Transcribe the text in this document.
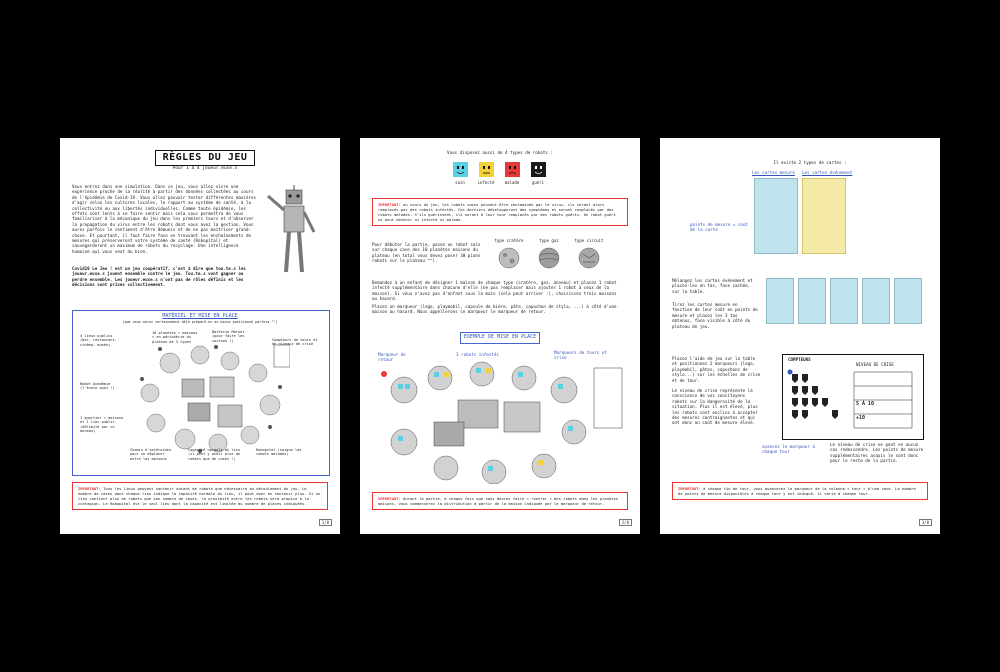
RÈGLES DU JEU
Pour 1 à 4 joueur.euse.s
Vous entrez dans une simulation. Dans ce jeu, vous allez vivre une expérience proche de la réalité à partir des données collectées au cours de l'épidémie de Covid-19. Vous allez pouvoir tester différentes manières d'agir selon les cultures locales, le rapport au système de santé, à la collectivité ou aux libertés individuelles. Comme toute épidémie, les effets sont lents à se faire sentir mais cela vous permettra de vous familiariser à la mécanique du jeu dans les premiers tours et d'observer la propagation du virus entre les robots dont vous avez la gestion. Vous aurez parfois le sentiment d'être démunis et de ne pas maîtriser grand-chose. Et pourtant, il faut faire face en trouvant les enchaînements de mesures qui préserveront votre système de santé (Robopital) et sauvegarderont un maximum de robots du recyclage. Une intelligence humaine qui vous veut du bien.
Covid19 Le Jeu ! est un jeu coopératif, c'est à dire que tou.te.s les joueur.euse.s jouent ensemble contre le jeu. Tou.te.s vont gagner ou perdre ensemble. Les joueur.euse.s n'ont pas de rôles définis et les décisions sont prises collectivement.
MATÉRIEL ET MISE EN PLACE
(que vous aurez certainement déjà préparé.es ou mieux positionné parfois ^^)
4 lieux publics (bar, restaurant, cinéma, musée)
10 planètes « maisons » en périphérie du plateau de 3 types
Batterie Market (pour faire les courses !)	Compteurs de tours et de niveaux de crise
Robot Académie (l'école quoi !)
1 quartier « maisons et 1 lieu public (délimité par un anneau)
Chemin d'astéroïdes pour se déplacer entre les maisons
Capacité normale du lieu (il peut y avoir plus de robots que de cases !)
Robopital (soigne les robots malades)
IMPORTANT: Tous les lieux peuvent contenir autant de robots que nécessaire au déroulement du jeu. Le nombre de cases dans chaque lieu indique la capacité normale du lieu, il peut donc en contenir plus. Si un lieu contient plus de robots que son nombre de cases, la proximité entre les robots sera propice à la contagion. Le Robopital est le seul lieu dont la capacité est limitée au nombre de places indiquées.
1/8
Vous disposez aussi de 4 types de robots :
sain	infecté	malade	guéri
IMPORTANT: au cours du jeu, les robots sains peuvent être contaminés par le virus, ils seront alors remplacés par des robots infectés. Ces derniers développeront des symptômes et seront remplacés par des robots malades. S'ils guérissent, ils seront à leur tour remplacés par des robots guéris. Un robot guéri ne peut devenir ni infecté ni malade.
Pour débuter la partie, posez un robot sain sur chaque case des 10 planètes maisons du plateau (en total vous devez poser 30 pions robots sur le plateau ^^).
type cratère	type gaz	type circuit
Demandez à un enfant de désigner 1 maison de chaque type (cratère, gaz, anneau) et placez 1 robot infecté supplémentaire dans chacune d'elle (ne pas remplacer mais ajouter 1 robot à ceux de la maison). Si vous n'avez pas d'enfant sous la main (cela peut arriver :), choisissez trois maisons au hasard.
Placez un marqueur (lego, playmobil, capsule de bière, pâte, capuchon de stylo, ...) à côté d'une maison au hasard. Nous appellerons ce marqueur le marqueur de retour.
EXEMPLE DE MISE EN PLACE
Marqueur de retour
3 robots infectés	Marqueurs de tours et crise
IMPORTANT: durant la partie, à chaque fois que vous devrez faire « rentrer » des robots dans les planètes maisons, vous commencerez la distribution à partir de la maison indiquée par le marqueur de retour.
2/8
Il existe 2 types de cartes :
Les cartes mesure Les cartes événement
points de mesure = coût de la carte
Mélangez les cartes événement et placez-les en tas, face cachée, sur la table.
Tirez les cartes mesure en fonction de leur coût en points de mesure et placez les 3 tas obtenus, face visible à côté du plateau de jeu.
Placez l'aide de jeu sur la table et positionnez 2 marqueurs (lego, playmobil, pâtes, capuchons de stylo...) sur les échelles de crise et de tour.
Le niveau de crise représente la conscience de vos concitoyens robots sur la dangerosité de la situation. Plus il est élevé, plus les robots sont enclins à accepter des mesures contraignantes et qui ont donc un coût de mesure élevé.
COMPTEURS
NIVEAU DE CRISE
5 À 10
+10
avancez le marqueur à chaque tour
Le niveau de crise ne peut en aucun cas redescendre. Les points de mesure supplémentaires acquis le sont donc pour le reste de la partie.
IMPORTANT: à chaque fin de tour, vous avancerez le marqueur de la colonne « tour » d'une case. Le nombre de points de mesure disponibles à chaque tour y est indiqué, il varie à chaque tour.
3/8
